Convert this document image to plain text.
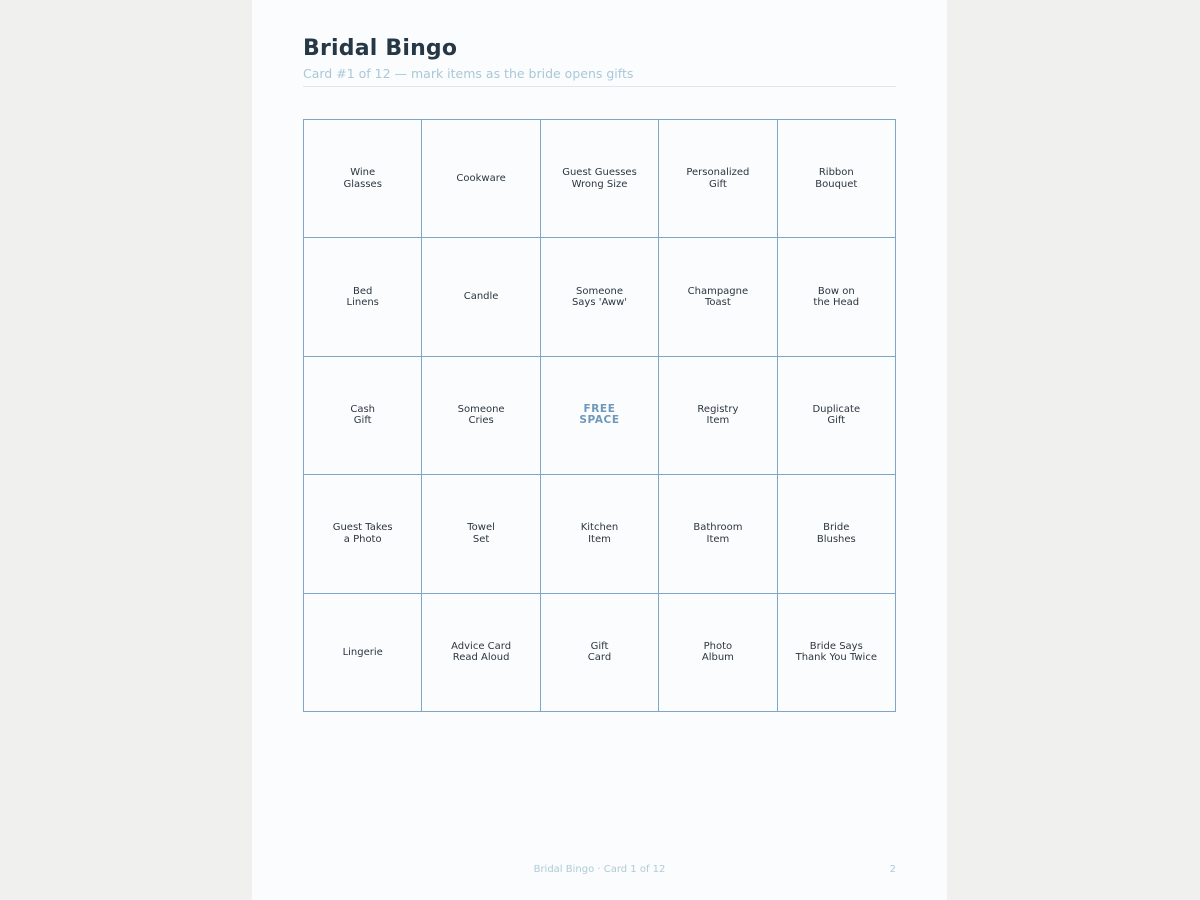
Bridal Bingo
Card #1 of 12 — mark items as the bride opens gifts
Wine
Glasses
Cookware
Guest Guesses
Wrong Size
Personalized
Gift
Ribbon
Bouquet
Bed
Linens
Candle
Someone
Says 'Aww'
Champagne
Toast
Bow on
the Head
Cash
Gift
Someone
Cries
FREE
SPACE
Registry
Item
Duplicate
Gift
Guest Takes
a Photo
Towel
Set
Kitchen
Item
Bathroom
Item
Bride
Blushes
Lingerie
Advice Card
Read Aloud
Gift
Card
Photo
Album
Bride Says
Thank You Twice
Bridal Bingo · Card 1 of 12	2
